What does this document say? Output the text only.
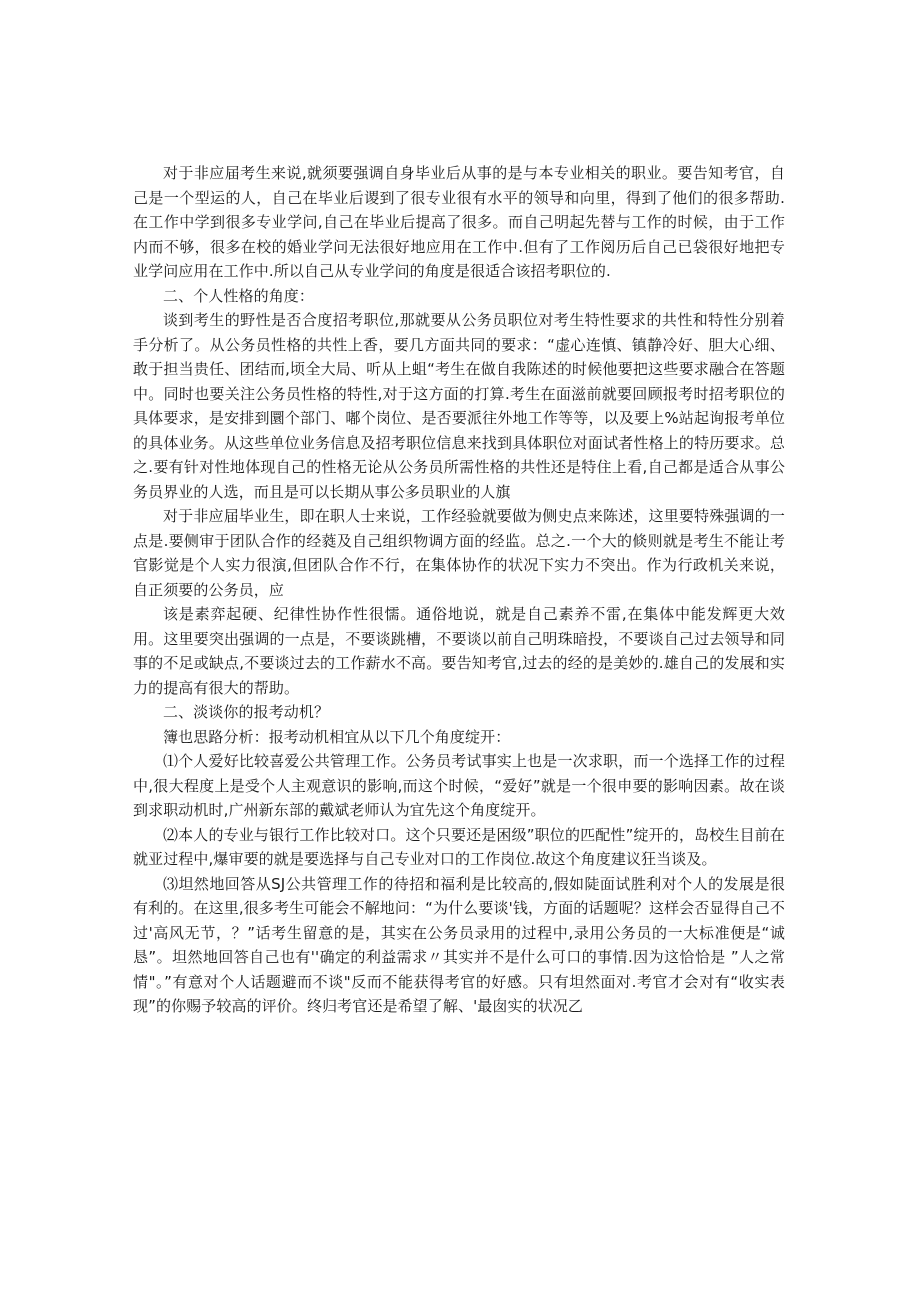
对于非应届考生来说,就须要强调自身毕业后从事的是与本专业相关的职业。要告知考官，自己是一个型运的人，自己在毕业后谡到了很专业很有水平的领导和向里，得到了他们的很多帮助.在工作中学到很多专业学问,自己在毕业后提高了很多。而自己明起先替与工作的时候，由于工作内而不够，很多在校的婚业学问无法很好地应用在工作中.但有了工作阅历后自己已袋很好地把专业学问应用在工作中.所以自己从专业学问的角度是很适合该招考职位的.

二、个人性格的角度：

谈到考生的野性是否合度招考职位,那就要从公务员职位对考生特性要求的共性和特性分别着手分析了。从公务员性格的共性上香，要几方面共同的要求：“虚心连慎、镇静冷好、胆大心细、敢于担当贵任、团结而,顷全大局、听从上蛆“考生在做自我陈述的时候他要把这些要求融合在答题中。同时也要关注公务员性格的特性,对于这方面的打算.考生在面滋前就要回顾报考时招考职位的具体要求，是安排到圜个部门、嘟个岗位、是否要派往外地工作等等，以及要上%站起询报考单位的具体业务。从这些单位业务信息及招考职位信息来找到具体职位对面试者性格上的特历要求。总之.要有针对性地体现自己的性格无论从公务员所需性格的共性还是特住上看,自己都是适合从事公务员界业的人选，而且是可以长期从事公多员职业的人旗

对于非应届毕业生，即在职人士来说，工作经验就要做为侧史点来陈述，这里要特殊强调的一点是.要侧审于团队合作的经蕤及自己组织物调方面的经监。总之.一个大的倐则就是考生不能让考官影觉是个人实力很演,但团队合作不行，在集体协作的状况下实力不突出。作为行政机关来说，自正须要的公务员，应

该是素弈起硬、纪律性协作性很懦。通俗地说，就是自己素养不雷,在集体中能发辉更大效用。这里要突出强调的一点是，不要谈跳槽，不要谈以前自己明珠暗投，不要谈自己过去领导和同事的不足或缺点,不要谈过去的工作薪水不高。要告知考官,过去的经的是美妙的.雄自己的发展和实力的提高有很大的帮助。

二、淡谈你的报考动机？

簿也思路分析：报考动机相宜从以下几个角度绽开：

⑴个人爱好比较喜爱公共管理工作。公务员考试事实上也是一次求职，而一个选择工作的过程中,很大程度上是受个人主观意识的影响,而这个时候，“爱好”就是一个很申要的影响因素。故在谈到求职动机时,广州新东部的戴斌老师认为宜先这个角度绽开。

⑵本人的专业与银行工作比较对口。这个只要还是困级”职位的匹配性”绽开的，岛校生目前在就亚过程中,爆审要的就是要选择与自己专业对口的工作岗位.故这个角度建议狂当谈及。

⑶坦然地回答从SJ公共管理工作的待招和福利是比较高的,假如陡面试胜利对个人的发展是很有利的。在这里,很多考生可能会不解地问：“为什么要谈'钱，方面的话题呢？这样会否显得自己不过'高风无节，？”话考生留意的是，其实在公务员录用的过程中,录用公务员的一大标准便是“诚恳”。坦然地回答自己也有''确定的利益需求〃其实并不是什么可口的事情.因为这恰恰是 ”人之常情"。”有意对个人话题避而不谈"反而不能获得考官的好感。只有坦然面对.考官才会对有“收实表现”的你赐予较高的评价。终归考官还是希望了解、'最囱实的状况乙
